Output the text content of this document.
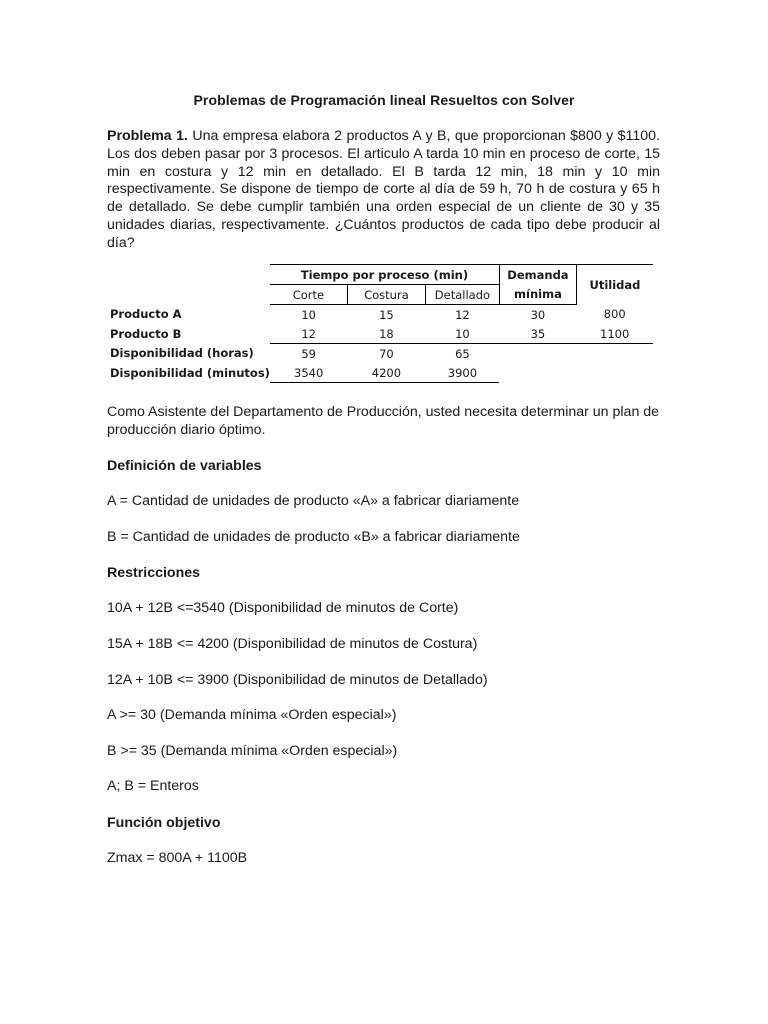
Problemas de Programación lineal Resueltos con Solver
Problema 1. Una empresa elabora 2 productos A y B, que proporcionan $800 y $1100. Los dos deben pasar por 3 procesos. El articulo A tarda 10 min en proceso de corte, 15 min en costura y 12 min en detallado. El B tarda 12 min, 18 min y 10 min respectivamente. Se dispone de tiempo de corte al día de 59 h, 70 h de costura y 65 h de detallado. Se debe cumplir también una orden especial de un cliente de 30 y 35 unidades diarias, respectivamente. ¿Cuántos productos de cada tipo debe producir al día?
	Tiempo por proceso (min)			Demanda	Utilidad
	Corte	Costura	Detallado	mínima	
Producto A	10	15	12	30	800
Producto B	12	18	10	35	1100
Disponibilidad (horas)	59	70	65		
Disponibilidad (minutos)	3540	4200	3900		
Como Asistente del Departamento de Producción, usted necesita determinar un plan de producción diario óptimo.
Definición de variables
A = Cantidad de unidades de producto «A» a fabricar diariamente
B = Cantidad de unidades de producto «B» a fabricar diariamente
Restricciones
10A + 12B <=3540 (Disponibilidad de minutos de Corte)
15A + 18B <= 4200 (Disponibilidad de minutos de Costura)
12A + 10B <= 3900 (Disponibilidad de minutos de Detallado)
A >= 30 (Demanda mínima «Orden especial»)
B >= 35 (Demanda mínima «Orden especial»)
A; B = Enteros
Función objetivo
Zmax = 800A + 1100B
